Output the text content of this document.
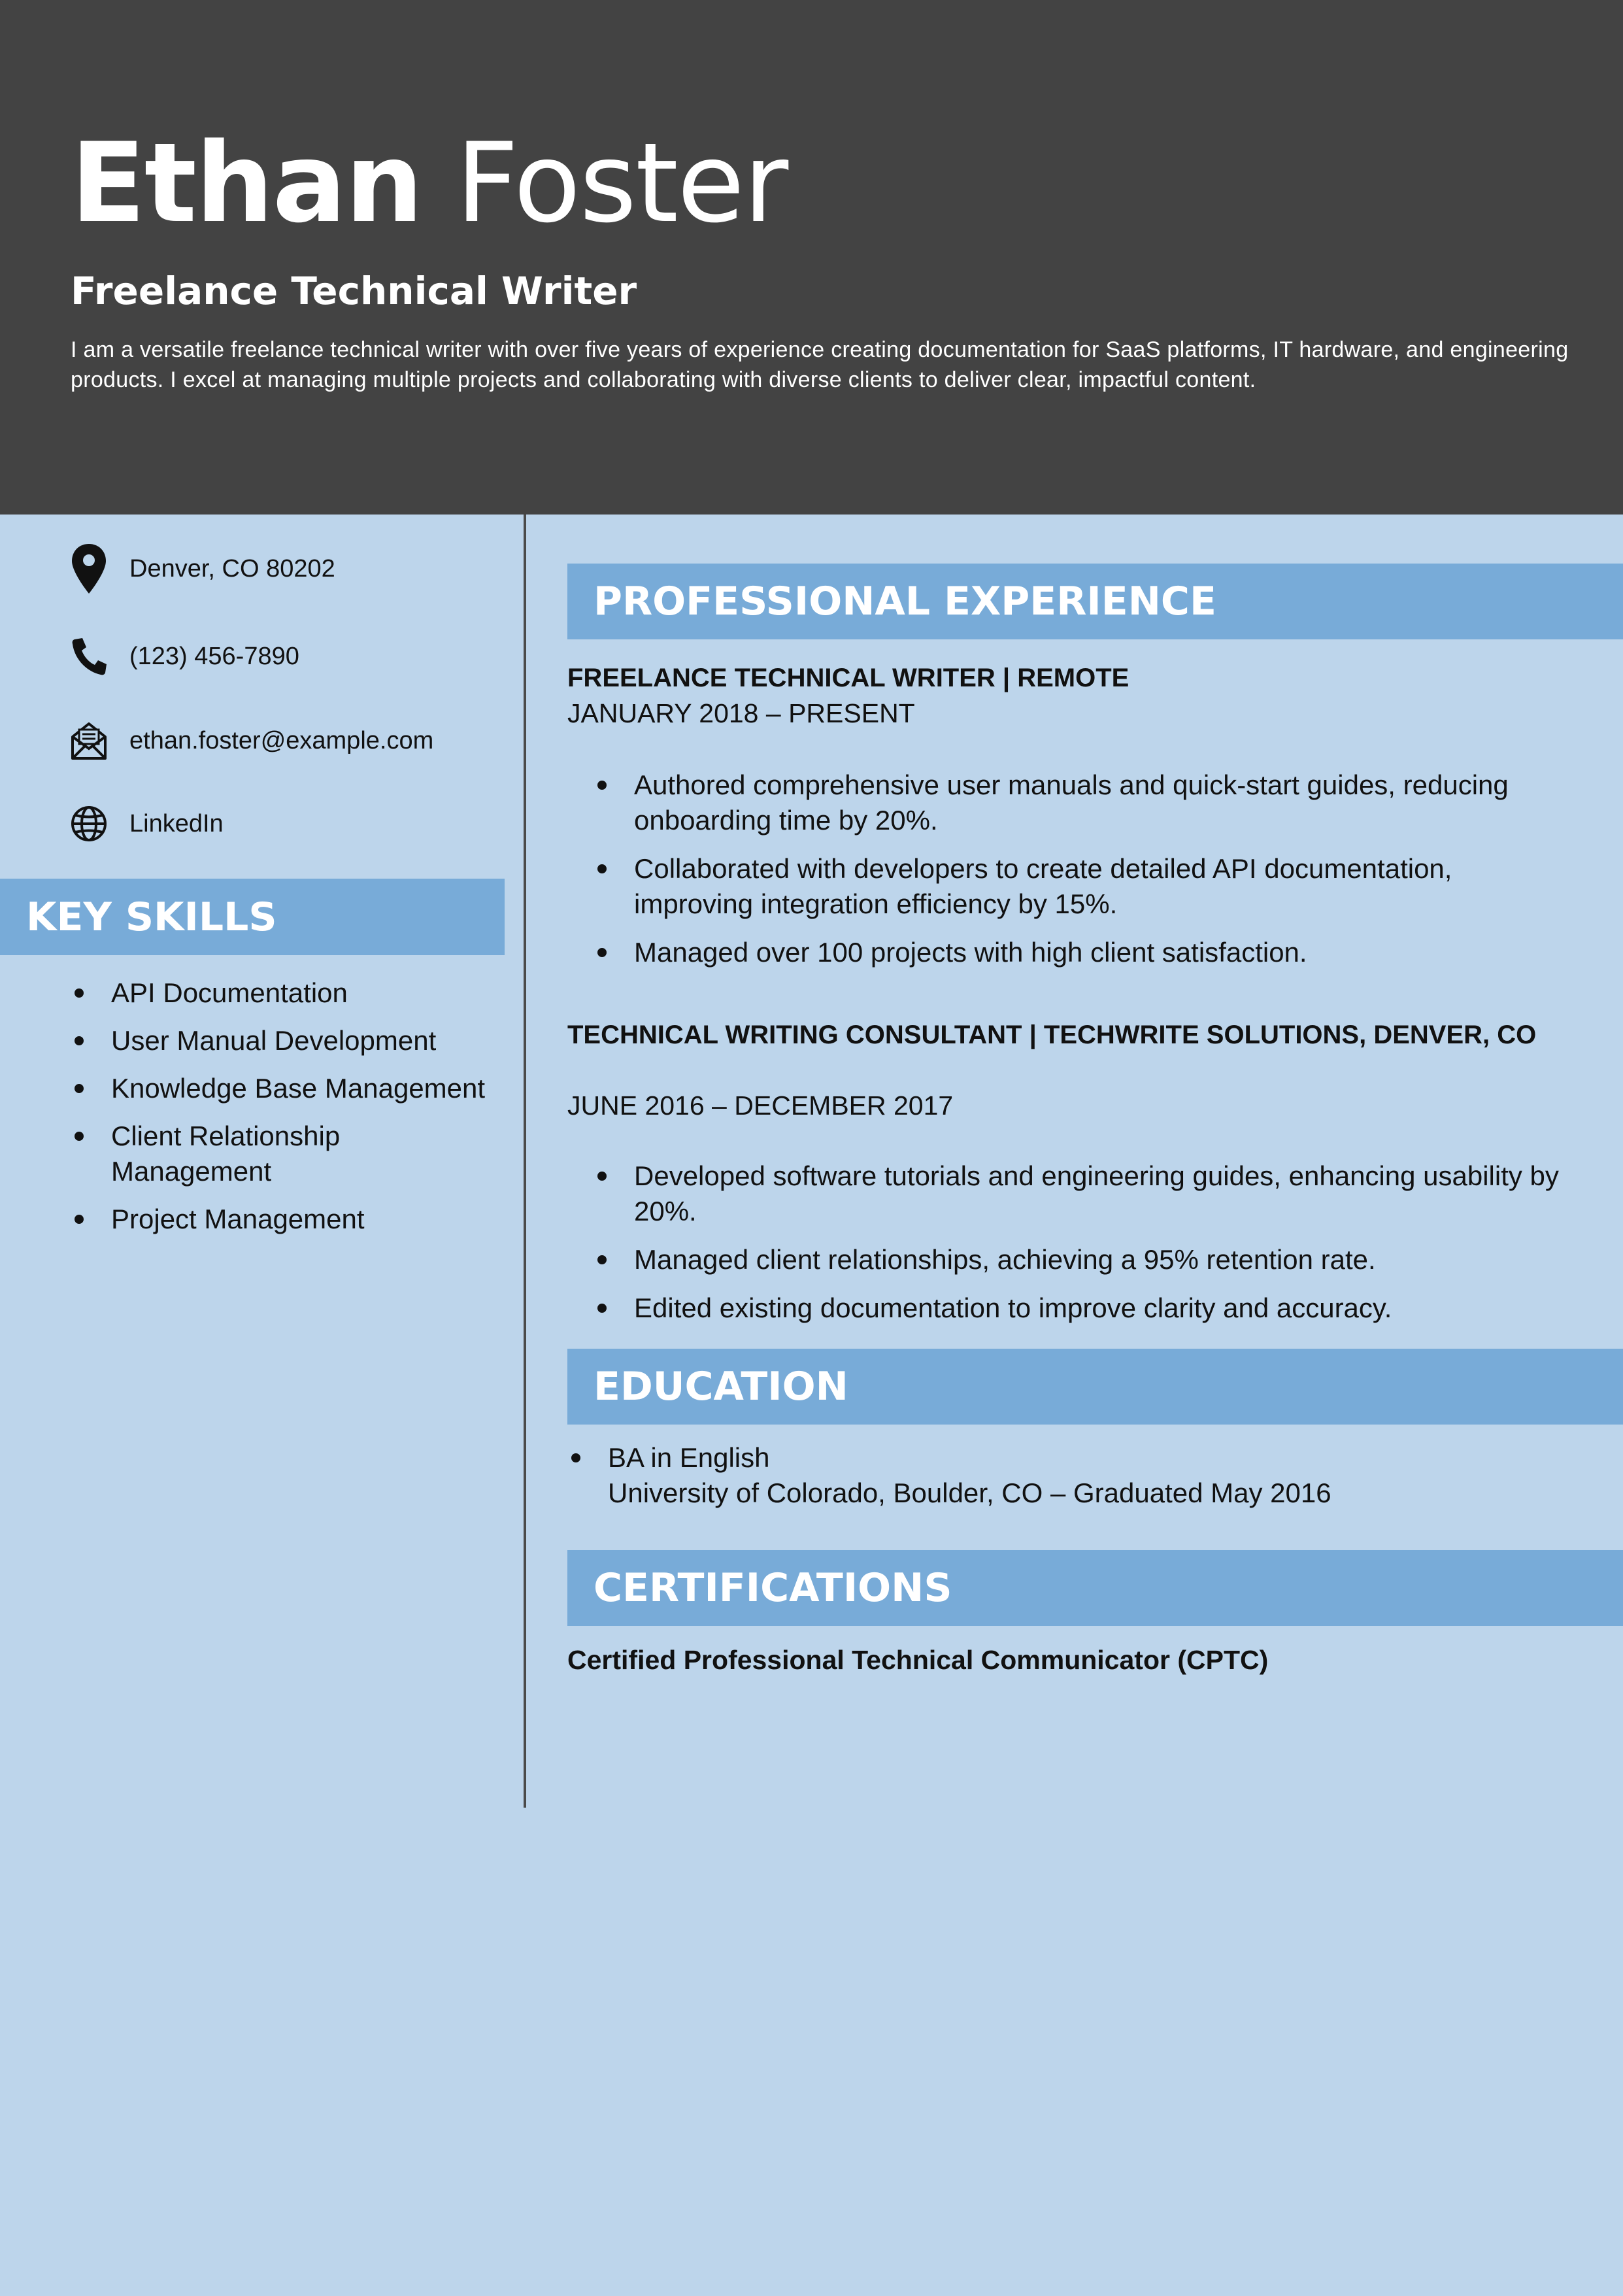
Ethan Foster
Freelance Technical Writer
I am a versatile freelance technical writer with over five years of experience creating documentation for SaaS platforms, IT hardware, and engineering products. I excel at managing multiple projects and collaborating with diverse clients to deliver clear, impactful content.
Denver, CO 80202
(123) 456-7890
ethan.foster@example.com
LinkedIn
KEY SKILLS
API Documentation
User Manual Development
Knowledge Base Management
Client Relationship Management
Project Management
PROFESSIONAL EXPERIENCE
FREELANCE TECHNICAL WRITER | REMOTE
JANUARY 2018 – PRESENT
Authored comprehensive user manuals and quick-start guides, reducing onboarding time by 20%.
Collaborated with developers to create detailed API documentation, improving integration efficiency by 15%.
Managed over 100 projects with high client satisfaction.
TECHNICAL WRITING CONSULTANT | TECHWRITE SOLUTIONS, DENVER, CO
JUNE 2016 – DECEMBER 2017
Developed software tutorials and engineering guides, enhancing usability by 20%.
Managed client relationships, achieving a 95% retention rate.
Edited existing documentation to improve clarity and accuracy.
EDUCATION
BA in English
University of Colorado, Boulder, CO – Graduated May 2016
CERTIFICATIONS
Certified Professional Technical Communicator (CPTC)
